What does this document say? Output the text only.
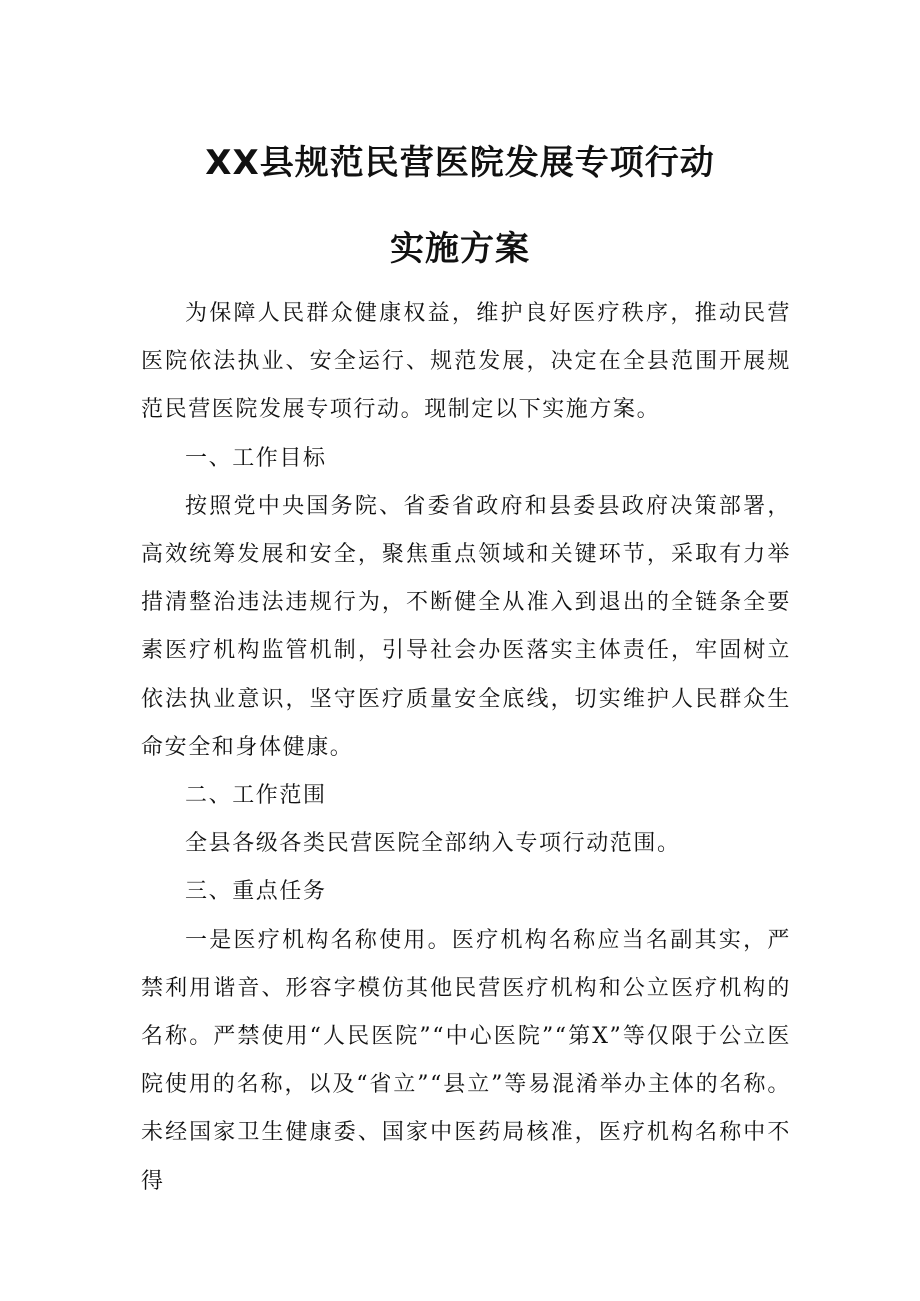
XX县规范民营医院发展专项行动
实施方案

为保障人民群众健康权益，维护良好医疗秩序，推动民营医院依法执业、安全运行、规范发展，决定在全县范围开展规范民营医院发展专项行动。现制定以下实施方案。

一、工作目标

按照党中央国务院、省委省政府和县委县政府决策部署，高效统筹发展和安全，聚焦重点领域和关键环节，采取有力举措清整治违法违规行为，不断健全从准入到退出的全链条全要素医疗机构监管机制，引导社会办医落实主体责任，牢固树立依法执业意识，坚守医疗质量安全底线，切实维护人民群众生命安全和身体健康。

二、工作范围

全县各级各类民营医院全部纳入专项行动范围。

三、重点任务

一是医疗机构名称使用。医疗机构名称应当名副其实，严禁利用谐音、形容字模仿其他民营医疗机构和公立医疗机构的名称。严禁使用“人民医院”“中心医院”“第X”等仅限于公立医院使用的名称，以及“省立”“县立”等易混淆举办主体的名称。未经国家卫生健康委、国家中医药局核准，医疗机构名称中不得
